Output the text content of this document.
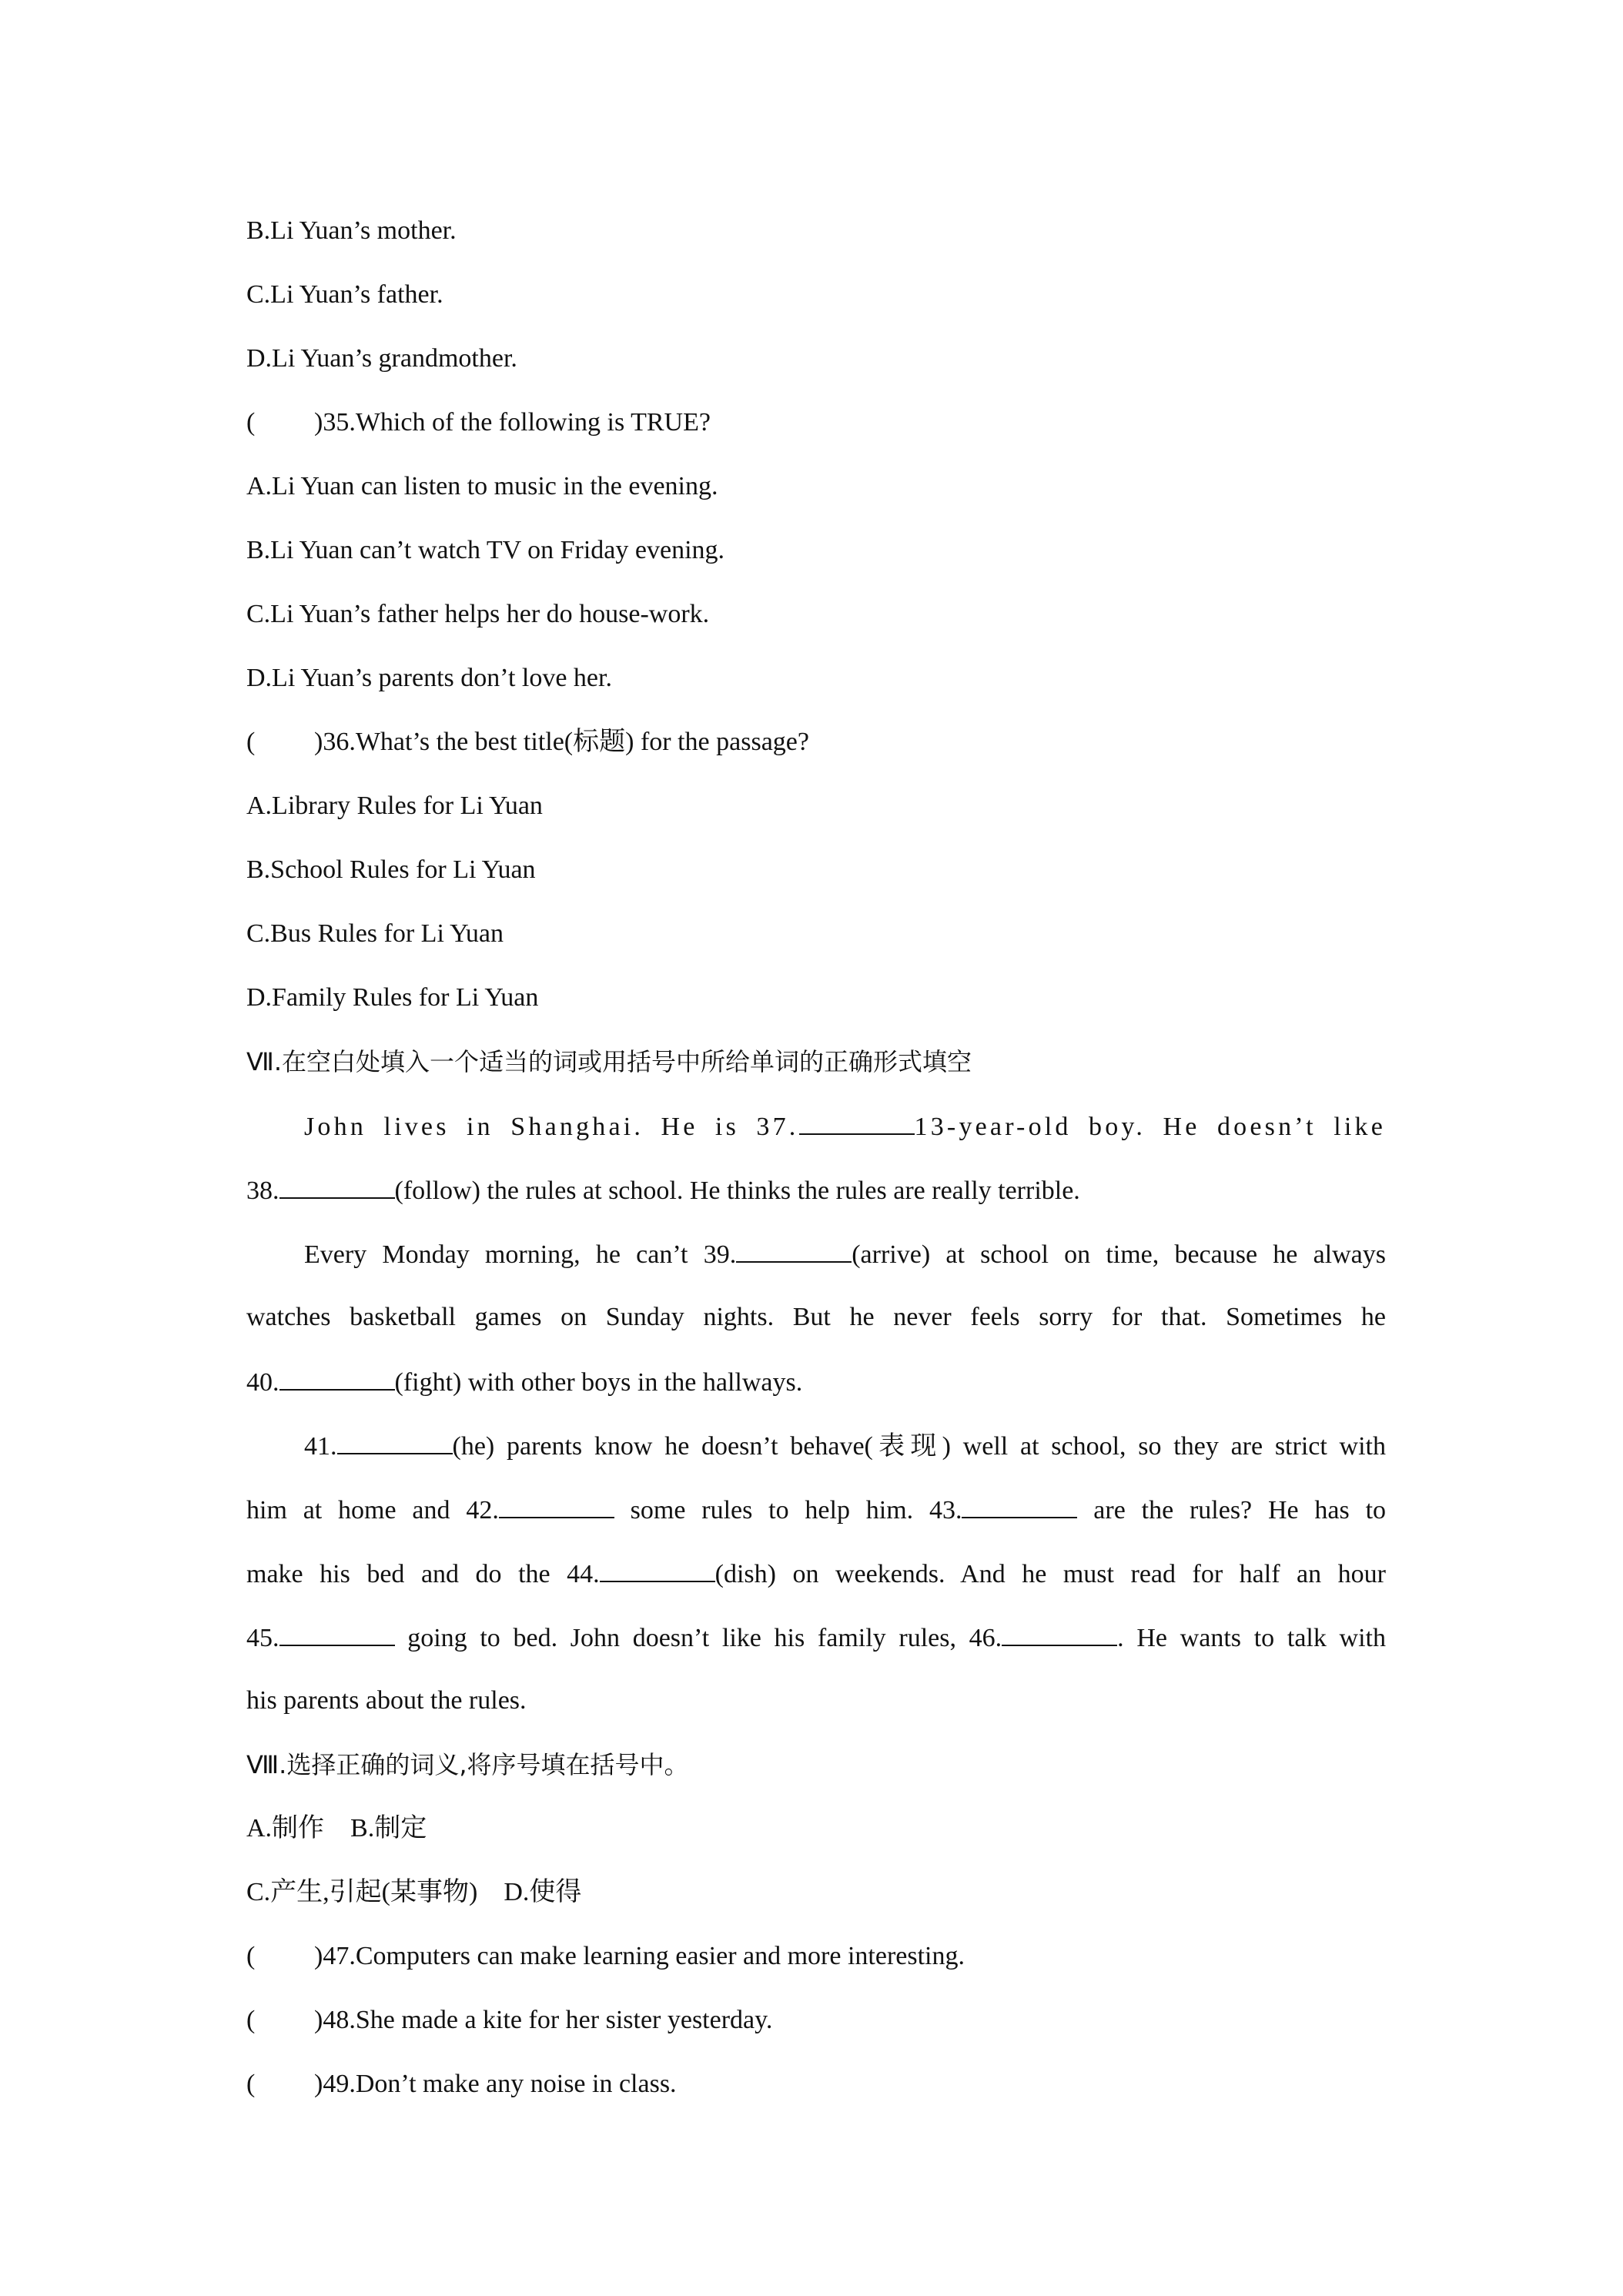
B.Li Yuan’s mother.
C.Li Yuan’s father.
D.Li Yuan’s grandmother.
( )35.Which of the following is TRUE?
A.Li Yuan can listen to music in the evening.
B.Li Yuan can’t watch TV on Friday evening.
C.Li Yuan’s father helps her do house-work.
D.Li Yuan’s parents don’t love her.
( )36.What’s the best title(标题) for the passage?
A.Library Rules for Li Yuan
B.School Rules for Li Yuan
C.Bus Rules for Li Yuan
D.Family Rules for Li Yuan
Ⅶ.在空白处填入一个适当的词或用括号中所给单词的正确形式填空
John lives in Shanghai. He is 37.	13-year-old boy. He doesn’t like
38.	(follow) the rules at school. He thinks the rules are really terrible.
Every Monday morning, he can’t 39.	(arrive) at school on time, because he always
watches basketball games on Sunday nights. But he never feels sorry for that. Sometimes he
40.	(fight) with other boys in the hallways.
41.	(he) parents know he doesn’t behave(表现) well at school, so they are strict with
him at home and 42.	some rules to help him. 43.	are the rules? He has to
make his bed and do the 44.	(dish) on weekends. And he must read for half an hour
45.	going to bed. John doesn’t like his family rules, 46.	. He wants to talk with
his parents about the rules.
Ⅷ.选择正确的词义,将序号填在括号中。
A.制作　B.制定
C.产生,引起(某事物)　D.使得
( )47.Computers can make learning easier and more interesting.
( )48.She made a kite for her sister yesterday.
( )49.Don’t make any noise in class.
